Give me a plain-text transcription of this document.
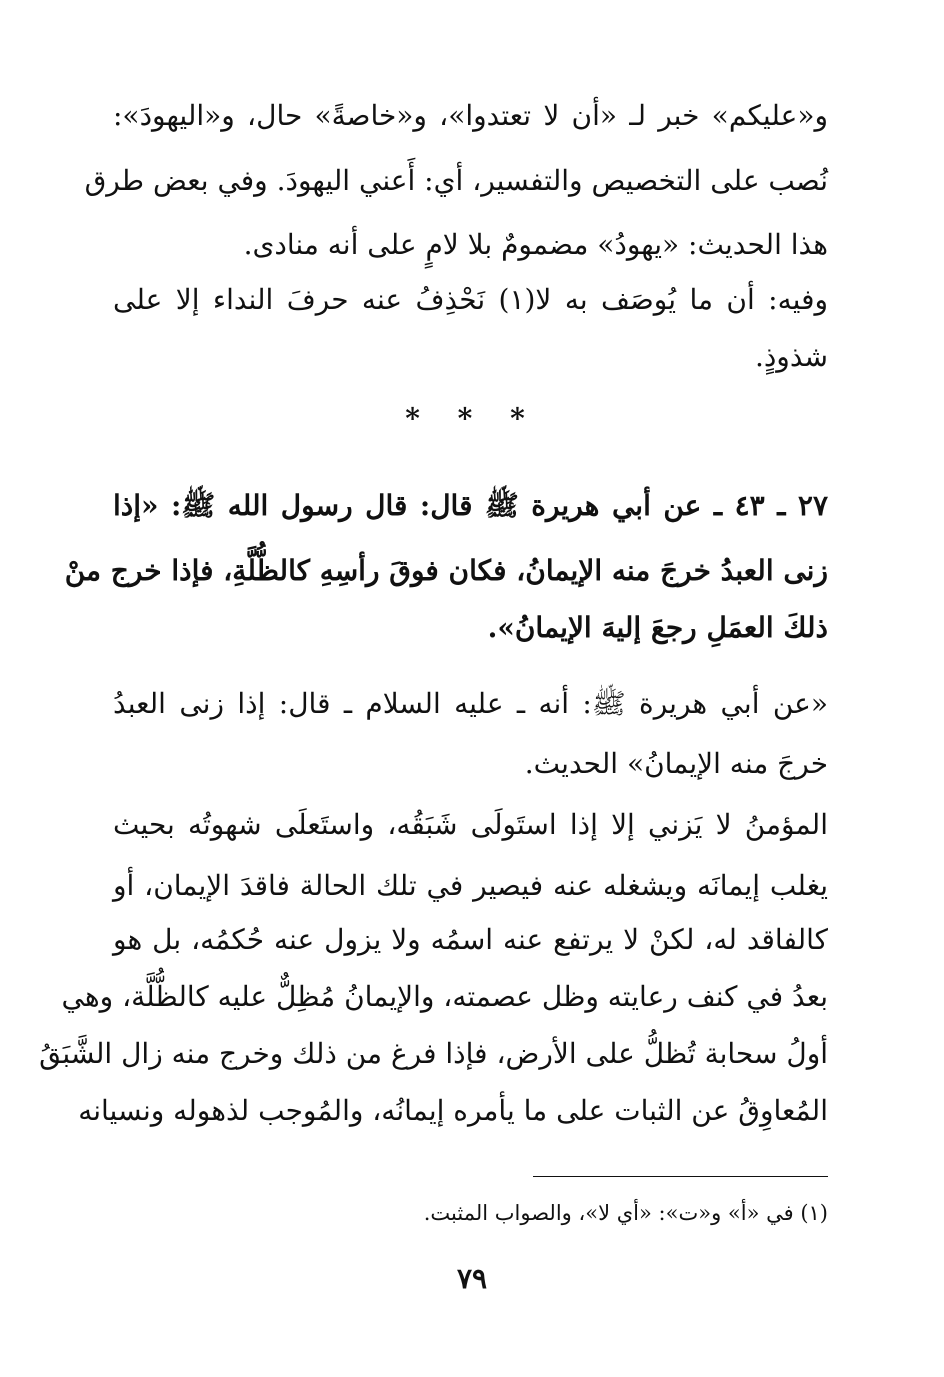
و«عليكم» خبر لـ «أن لا تعتدوا»، و«خاصةً» حال، و«اليهودَ»:
نُصب على التخصيص والتفسير، أي: أَعني اليهودَ. وفي بعض طرق
هذا الحديث: «يهودُ» مضمومٌ بلا لامٍ على أنه منادى.
وفيه: أن ما يُوصَف به لا(١) نَحْذِفُ عنه حرفَ النداء إلا على
شذوذٍ.
* * *
٢٧ ـ ٤٣ ـ عن أبي هريرة ﷺ قال: قال رسول الله ﷺ: «إذا
زنى العبدُ خرجَ منه الإيمانُ، فكان فوقَ رأسِهِ كالظُّلَّةِ، فإذا خرج منْ
ذلكَ العمَلِ رجعَ إليهَ الإيمانُ».
«عن أبي هريرة ﷺ: أنه ـ عليه السلام ـ قال: إذا زنى العبدُ
خرجَ منه الإيمانُ» الحديث.
المؤمنُ لا يَزني إلا إذا استَولَى شَبَقُه، واستَعلَى شهوتُه بحيث
يغلب إيمانَه ويشغله عنه فيصير في تلك الحالة فاقدَ الإيمان، أو
كالفاقد له، لكنْ لا يرتفع عنه اسمُه ولا يزول عنه حُكمُه، بل هو
بعدُ في كنف رعايته وظل عصمته، والإيمانُ مُظِلٌّ عليه كالظُّلَّة، وهي
أولُ سحابة تُظلُّ على الأرض، فإذا فرغ من ذلك وخرج منه زال الشَّبَقُ
المُعاوِقُ عن الثبات على ما يأمره إيمانُه، والمُوجب لذهوله ونسيانه
(١) في «أ» و«ت»: «أي لا»، والصواب المثبت.
٧٩
